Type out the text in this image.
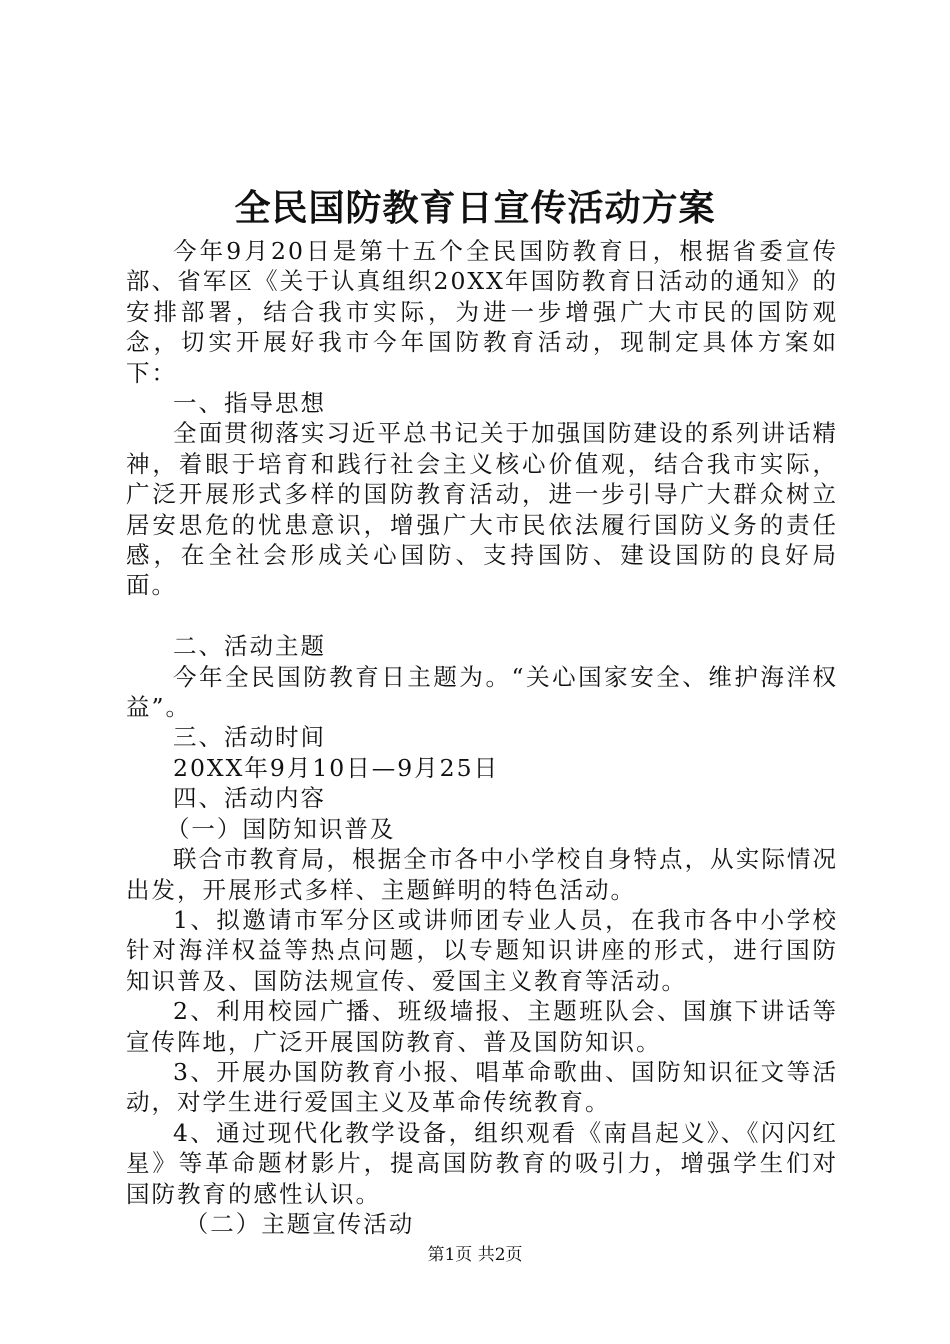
全民国防教育日宣传活动方案

今年9月20日是第十五个全民国防教育日，根据省委宣传部、省军区《关于认真组织20XX年国防教育日活动的通知》的安排部署，结合我市实际，为进一步增强广大市民的国防观念，切实开展好我市今年国防教育活动，现制定具体方案如下：

一、指导思想

全面贯彻落实习近平总书记关于加强国防建设的系列讲话精神，着眼于培育和践行社会主义核心价值观，结合我市实际，广泛开展形式多样的国防教育活动，进一步引导广大群众树立居安思危的忧患意识，增强广大市民依法履行国防义务的责任感，在全社会形成关心国防、支持国防、建设国防的良好局面。

二、活动主题

今年全民国防教育日主题为。“关心国家安全、维护海洋权益”。

三、活动时间

20XX年9月10日—9月25日

四、活动内容

（一）国防知识普及

联合市教育局，根据全市各中小学校自身特点，从实际情况出发，开展形式多样、主题鲜明的特色活动。

1、拟邀请市军分区或讲师团专业人员，在我市各中小学校针对海洋权益等热点问题，以专题知识讲座的形式，进行国防知识普及、国防法规宣传、爱国主义教育等活动。

2、利用校园广播、班级墙报、主题班队会、国旗下讲话等宣传阵地，广泛开展国防教育、普及国防知识。

3、开展办国防教育小报、唱革命歌曲、国防知识征文等活动，对学生进行爱国主义及革命传统教育。

4、通过现代化教学设备，组织观看《南昌起义》、《闪闪红星》等革命题材影片，提高国防教育的吸引力，增强学生们对国防教育的感性认识。

（二）主题宣传活动

第1页 共2页
